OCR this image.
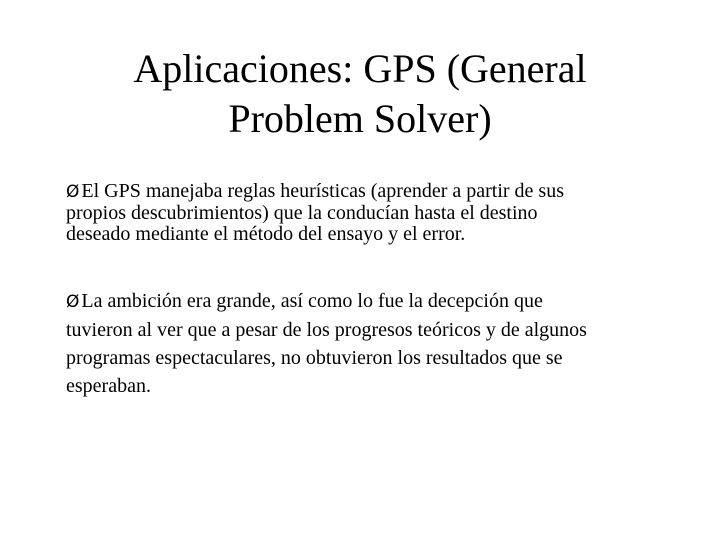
Aplicaciones: GPS (General
Problem Solver)

Ø El GPS manejaba reglas heurísticas (aprender a partir de sus
propios descubrimientos) que la conducían hasta el destino
deseado mediante el método del ensayo y el error.

Ø La ambición era grande, así como lo fue la decepción que
tuvieron al ver que a pesar de los progresos teóricos y de algunos
programas espectaculares, no obtuvieron los resultados que se
esperaban.
